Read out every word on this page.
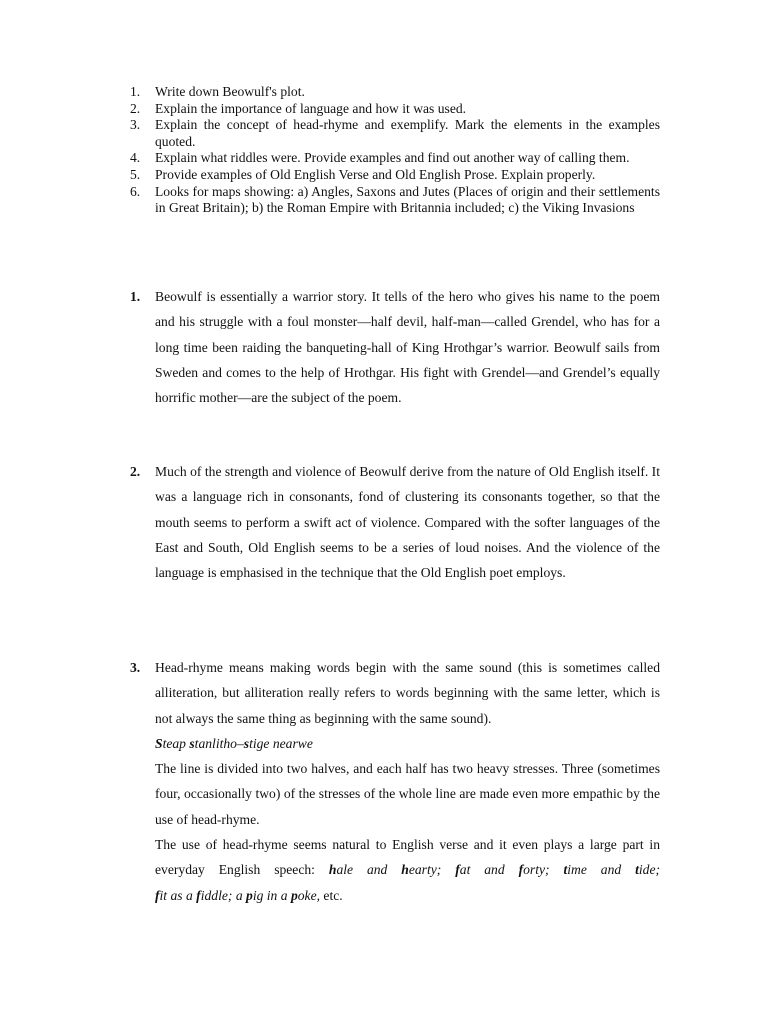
1.	Write down Beowulf's plot.
2.	Explain the importance of language and how it was used.
3.	Explain the concept of head-rhyme and exemplify. Mark the elements in the examples quoted.
4.	Explain what riddles were. Provide examples and find out another way of calling them.
5.	Provide examples of Old English Verse and Old English Prose. Explain properly.
6.	Looks for maps showing: a) Angles, Saxons and Jutes (Places of origin and their settlements in Great Britain); b) the Roman Empire with Britannia included; c) the Viking Invasions
1.	Beowulf is essentially a warrior story. It tells of the hero who gives his name to the poem and his struggle with a foul monster—half devil, half-man—called Grendel, who has for a long time been raiding the banqueting-hall of King Hrothgar’s warrior. Beowulf sails from Sweden and comes to the help of Hrothgar. His fight with Grendel—and Grendel’s equally horrific mother—are the subject of the poem.

2.	Much of the strength and violence of Beowulf derive from the nature of Old English itself. It was a language rich in consonants, fond of clustering its consonants together, so that the mouth seems to perform a swift act of violence. Compared with the softer languages of the East and South, Old English seems to be a series of loud noises. And the violence of the language is emphasised in the technique that the Old English poet employs.

3.	Head-rhyme means making words begin with the same sound (this is sometimes called alliteration, but alliteration really refers to words beginning with the same letter, which is not always the same thing as beginning with the same sound).

Steap stanlitho–stige nearwe

The line is divided into two halves, and each half has two heavy stresses. Three (sometimes four, occasionally two) of the stresses of the whole line are made even more empathic by the use of head-rhyme.

The use of head-rhyme seems natural to English verse and it even plays a large part in everyday English speech: hale and hearty; fat and forty; time and tide; fit as a fiddle; a pig in a poke, etc.
